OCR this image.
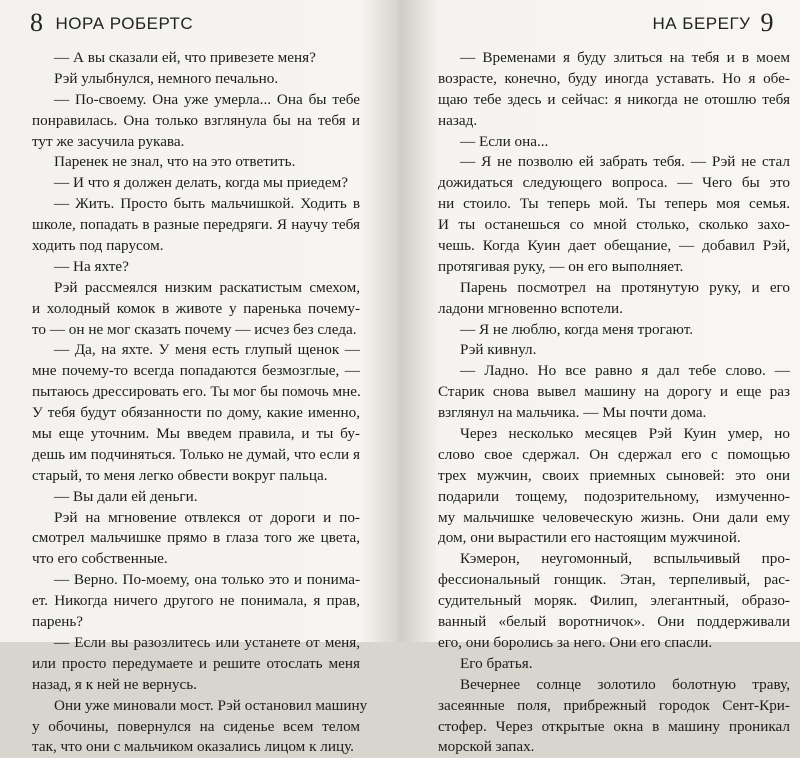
8 НОРА РОБЕРТС
— А вы сказали ей, что привезете меня?
Рэй улыбнулся, немного печально.
— По-своему. Она уже умерла... Она бы тебе
понравилась. Она только взглянула бы на тебя и
тут же засучила рукава.
Паренек не знал, что на это ответить.
— И что я должен делать, когда мы приедем?
— Жить. Просто быть мальчишкой. Ходить в
школе, попадать в разные передряги. Я научу тебя
ходить под парусом.
— На яхте?
Рэй рассмеялся низким раскатистым смехом,
и холодный комок в животе у паренька почему-
то — он не мог сказать почему — исчез без следа.
— Да, на яхте. У меня есть глупый щенок —
мне почему-то всегда попадаются безмозглые, —
пытаюсь дрессировать его. Ты мог бы помочь мне.
У тебя будут обязанности по дому, какие именно,
мы еще уточним. Мы введем правила, и ты бу-
дешь им подчиняться. Только не думай, что если я
старый, то меня легко обвести вокруг пальца.
— Вы дали ей деньги.
Рэй на мгновение отвлекся от дороги и по-
смотрел мальчишке прямо в глаза того же цвета,
что его собственные.
— Верно. По-моему, она только это и понима-
ет. Никогда ничего другого не понимала, я прав,
парень?
— Если вы разозлитесь или устанете от меня,
или просто передумаете и решите отослать меня
назад, я к ней не вернусь.
Они уже миновали мост. Рэй остановил машину
у обочины, повернулся на сиденье всем телом
так, что они с мальчиком оказались лицом к лицу.
НА БЕРЕГУ 9
— Временами я буду злиться на тебя и в моем
возрасте, конечно, буду иногда уставать. Но я обе-
щаю тебе здесь и сейчас: я никогда не отошлю тебя
назад.
— Если она...
— Я не позволю ей забрать тебя. — Рэй не стал
дожидаться следующего вопроса. — Чего бы это
ни стоило. Ты теперь мой. Ты теперь моя семья.
И ты останешься со мной столько, сколько захо-
чешь. Когда Куин дает обещание, — добавил Рэй,
протягивая руку, — он его выполняет.
Парень посмотрел на протянутую руку, и его
ладони мгновенно вспотели.
— Я не люблю, когда меня трогают.
Рэй кивнул.
— Ладно. Но все равно я дал тебе слово. —
Старик снова вывел машину на дорогу и еще раз
взглянул на мальчика. — Мы почти дома.
Через несколько месяцев Рэй Куин умер, но
слово свое сдержал. Он сдержал его с помощью
трех мужчин, своих приемных сыновей: это они
подарили тощему, подозрительному, измученно-
му мальчишке человеческую жизнь. Они дали ему
дом, они вырастили его настоящим мужчиной.
Кэмерон, неугомонный, вспыльчивый про-
фессиональный гонщик. Этан, терпеливый, рас-
судительный моряк. Филип, элегантный, образо-
ванный «белый воротничок». Они поддерживали
его, они боролись за него. Они его спасли.
Его братья.
Вечернее солнце золотило болотную траву,
засеянные поля, прибрежный городок Сент-Кри-
стофер. Через открытые окна в машину проникал
морской запах.
